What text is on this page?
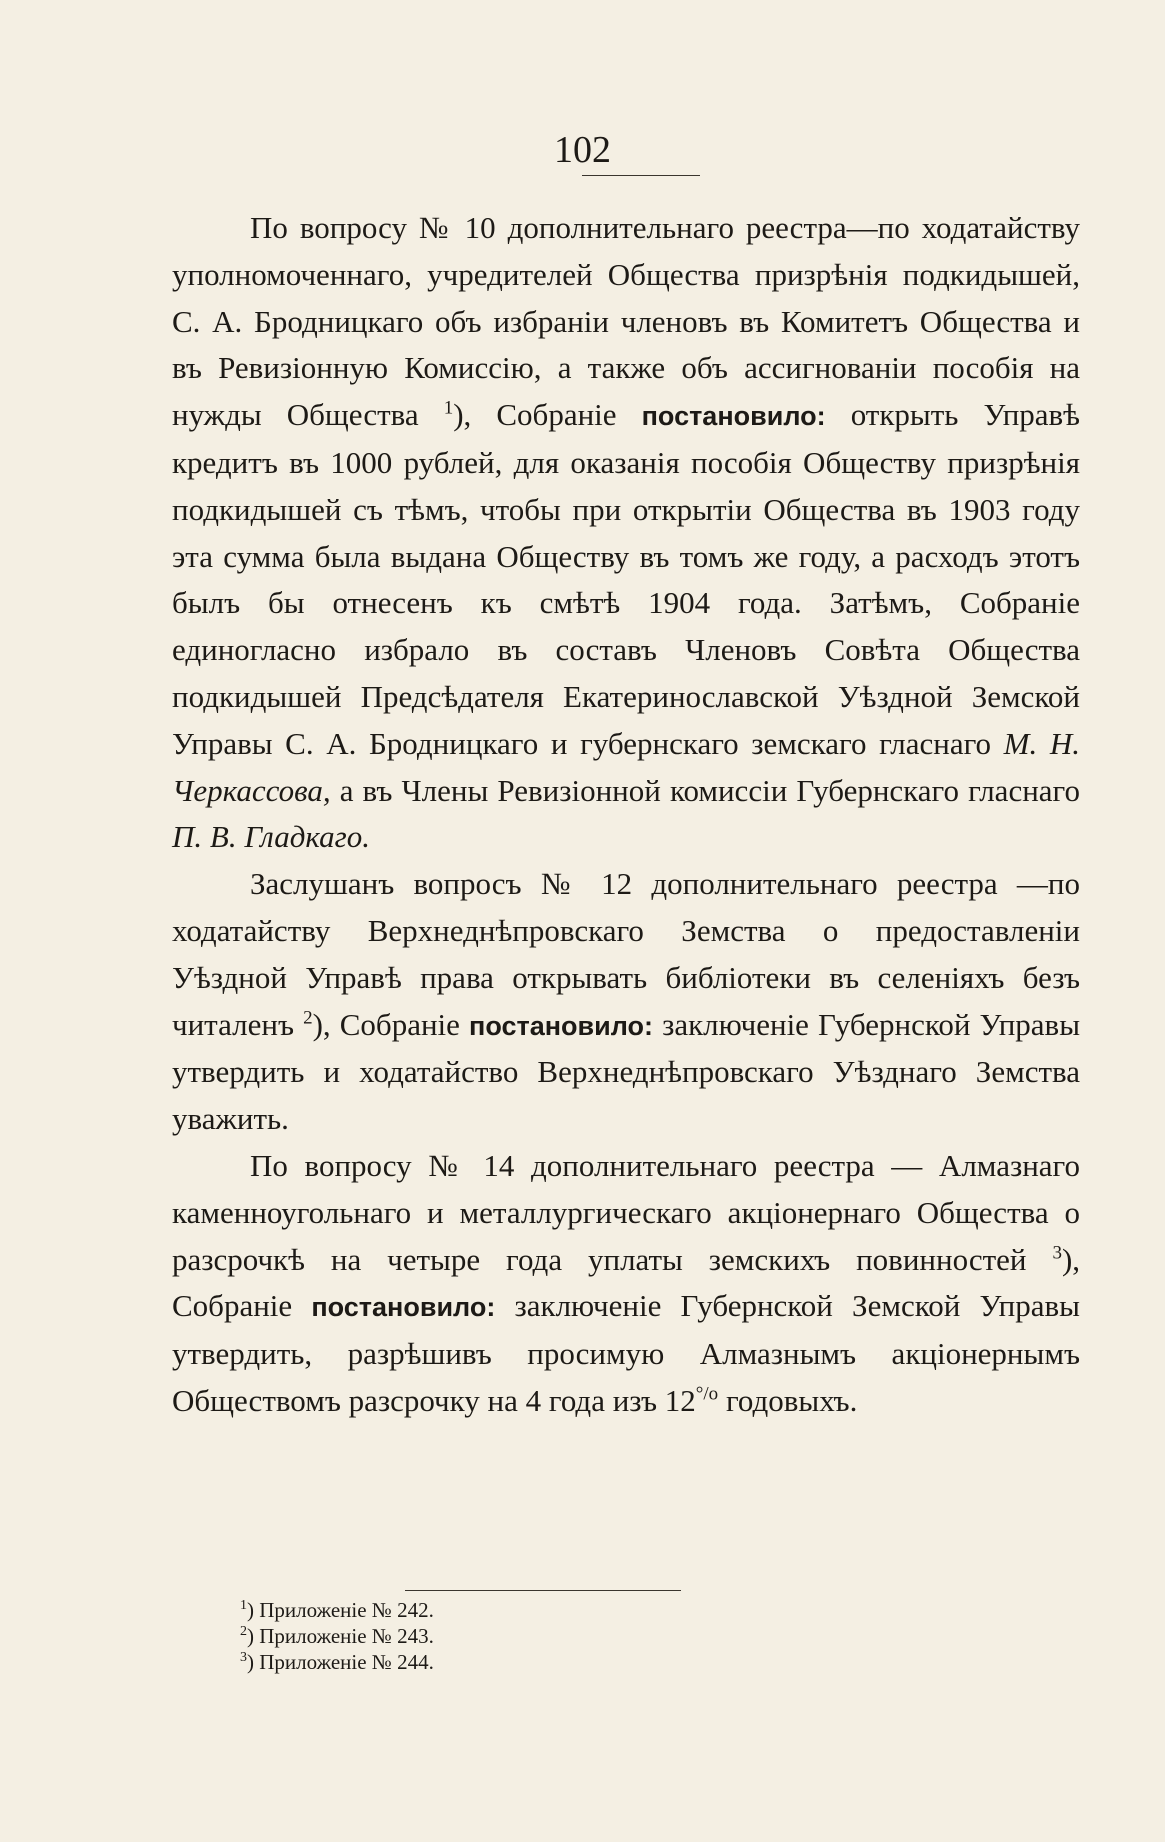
102

По вопросу № 10 дополнительнаго реестра—по ходатайству уполномоченнаго, учредителей Общества призрѣнія подкидышей, С. А. Бродницкаго объ избраніи членовъ въ Комитетъ Общества и въ Ревизіонную Комиссію, а также объ ассигнованіи пособія на нужды Общества $^1$), Собраніе постановило: открыть Управѣ кредитъ въ 1000 рублей, для оказанія пособія Обществу призрѣнія подкидышей съ тѣмъ, чтобы при открытіи Общества въ 1903 году эта сумма была выдана Обществу въ томъ же году, а расходъ этотъ былъ бы отнесенъ къ смѣтѣ 1904 года. Затѣмъ, Собраніе единогласно избрало въ составъ Членовъ Совѣта Общества подкидышей Предсѣдателя Екатеринославской Уѣздной Земской Управы С. А. Бродницкаго и губернскаго земскаго гласнаго М. Н. Черкассова, а въ Члены Ревизіонной комиссіи Губернскаго гласнаго П. В. Гладкаго.

Заслушанъ вопросъ № 12 дополнительнаго реестра —по ходатайству Верхнеднѣпровскаго Земства о предоставленіи Уѣздной Управѣ права открывать библіотеки въ селеніяхъ безъ читаленъ $^2$), Собраніе постановило: заключеніе Губернской Управы утвердить и ходатайство Верхнеднѣпровскаго Уѣзднаго Земства уважить.

По вопросу № 14 дополнительнаго реестра — Алмазнаго каменноугольнаго и металлургическаго акціонернаго Общества о разсрочкѣ на четыре года уплаты земскихъ повинностей $^3$), Собраніе постановило: заключеніе Губернской Земской Управы утвердить, разрѣшивъ просимую Алмазнымъ акціонернымъ Обществомъ разсрочку на 4 года изъ $12^{^\circ/o}$ годовыхъ.

$^1$) Приложеніе № 242.
$^2$) Приложеніе № 243.
$^3$) Приложеніе № 244.
